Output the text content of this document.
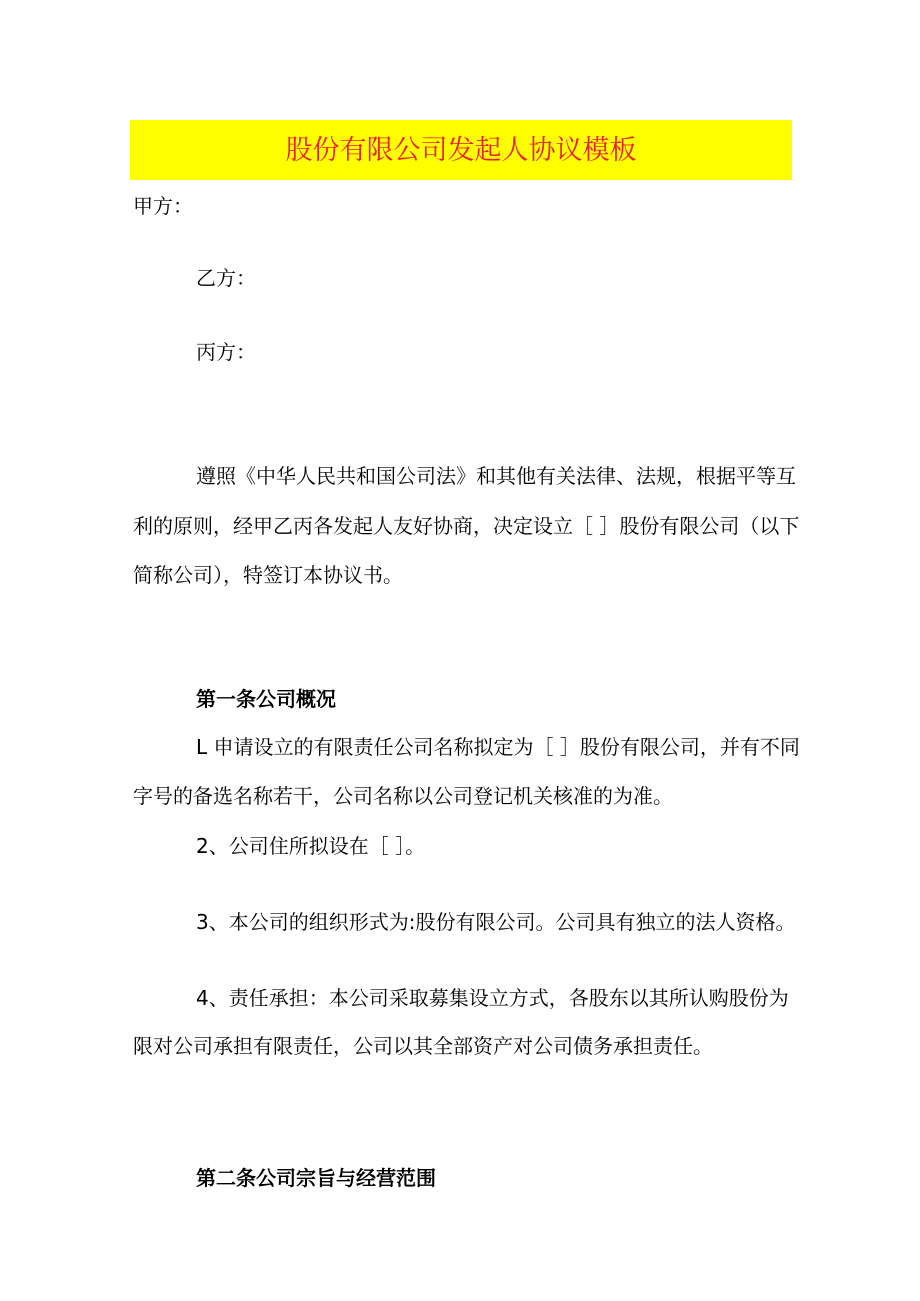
股份有限公司发起人协议模板
甲方：
乙方：
丙方：
遵照《中华人民共和国公司法》和其他有关法律、法规，根据平等互
利的原则，经甲乙丙各发起人友好协商，决定设立［ ］股份有限公司（以下
简称公司），特签订本协议书。
第一条公司概况
L 申请设立的有限责任公司名称拟定为［ ］股份有限公司，并有不同
字号的备选名称若干，公司名称以公司登记机关核准的为准。
2、公司住所拟设在［ ］。
3、本公司的组织形式为:股份有限公司。公司具有独立的法人资格。
4、责任承担：本公司采取募集设立方式，各股东以其所认购股份为
限对公司承担有限责任，公司以其全部资产对公司债务承担责任。
第二条公司宗旨与经营范围
